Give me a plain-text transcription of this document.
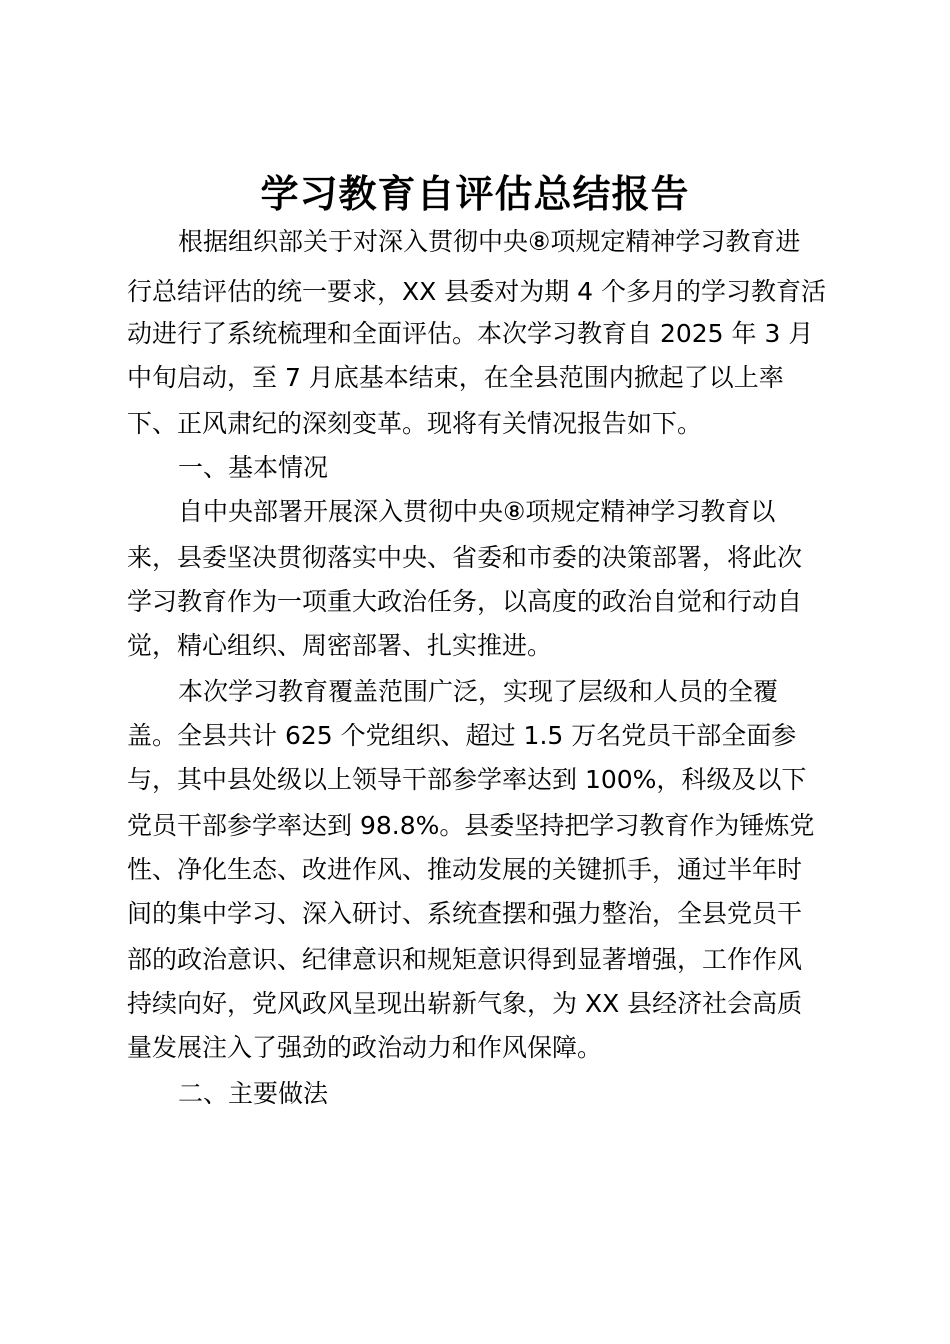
学习教育自评估总结报告
根据组织部关于对深入贯彻中央⑧项规定精神学习教育进
行总结评估的统一要求，XX 县委对为期 4 个多月的学习教育活
动进行了系统梳理和全面评估。本次学习教育自 2025 年 3 月
中旬启动，至 7 月底基本结束，在全县范围内掀起了以上率
下、正风肃纪的深刻变革。现将有关情况报告如下。
一、基本情况
自中央部署开展深入贯彻中央⑧项规定精神学习教育以
来，县委坚决贯彻落实中央、省委和市委的决策部署，将此次
学习教育作为一项重大政治任务，以高度的政治自觉和行动自
觉，精心组织、周密部署、扎实推进。
本次学习教育覆盖范围广泛，实现了层级和人员的全覆
盖。全县共计 625 个党组织、超过 1.5 万名党员干部全面参
与，其中县处级以上领导干部参学率达到 100%，科级及以下
党员干部参学率达到 98.8%。县委坚持把学习教育作为锤炼党
性、净化生态、改进作风、推动发展的关键抓手，通过半年时
间的集中学习、深入研讨、系统查摆和强力整治，全县党员干
部的政治意识、纪律意识和规矩意识得到显著增强，工作作风
持续向好，党风政风呈现出崭新气象，为 XX 县经济社会高质
量发展注入了强劲的政治动力和作风保障。
二、主要做法
